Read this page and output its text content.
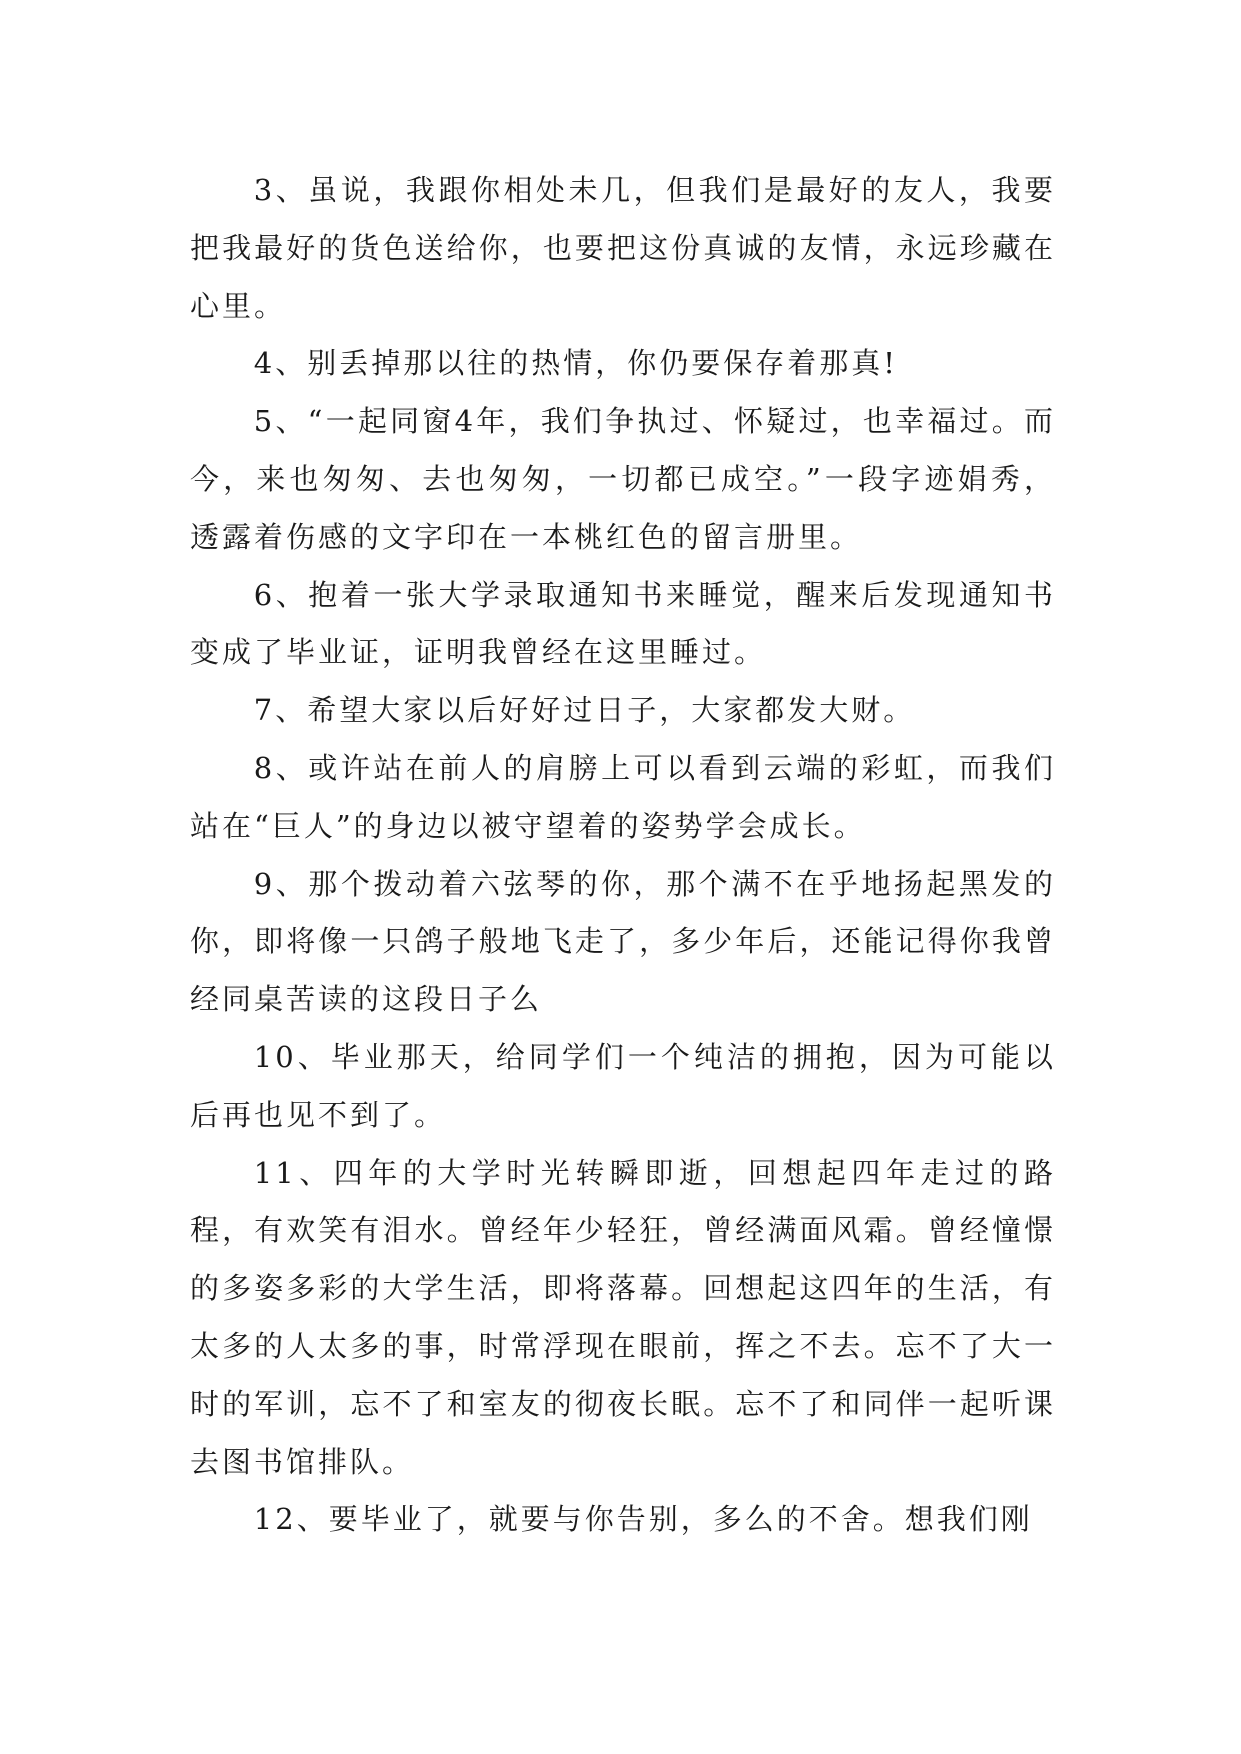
3、虽说，我跟你相处未几，但我们是最好的友人，我要把我最好的货色送给你，也要把这份真诚的友情，永远珍藏在心里。

4、别丢掉那以往的热情，你仍要保存着那真!

5、“一起同窗4年，我们争执过、怀疑过，也幸福过。而今，来也匆匆、去也匆匆，一切都已成空。”一段字迹娟秀，透露着伤感的文字印在一本桃红色的留言册里。

6、抱着一张大学录取通知书来睡觉，醒来后发现通知书变成了毕业证，证明我曾经在这里睡过。

7、希望大家以后好好过日子，大家都发大财。

8、或许站在前人的肩膀上可以看到云端的彩虹，而我们站在“巨人”的身边以被守望着的姿势学会成长。

9、那个拨动着六弦琴的你，那个满不在乎地扬起黑发的你，即将像一只鸽子般地飞走了，多少年后，还能记得你我曾经同桌苦读的这段日子么

10、毕业那天，给同学们一个纯洁的拥抱，因为可能以后再也见不到了。

11、四年的大学时光转瞬即逝，回想起四年走过的路程，有欢笑有泪水。曾经年少轻狂，曾经满面风霜。曾经憧憬的多姿多彩的大学生活，即将落幕。回想起这四年的生活，有太多的人太多的事，时常浮现在眼前，挥之不去。忘不了大一时的军训，忘不了和室友的彻夜长眠。忘不了和同伴一起听课去图书馆排队。

12、要毕业了，就要与你告别，多么的不舍。想我们刚
